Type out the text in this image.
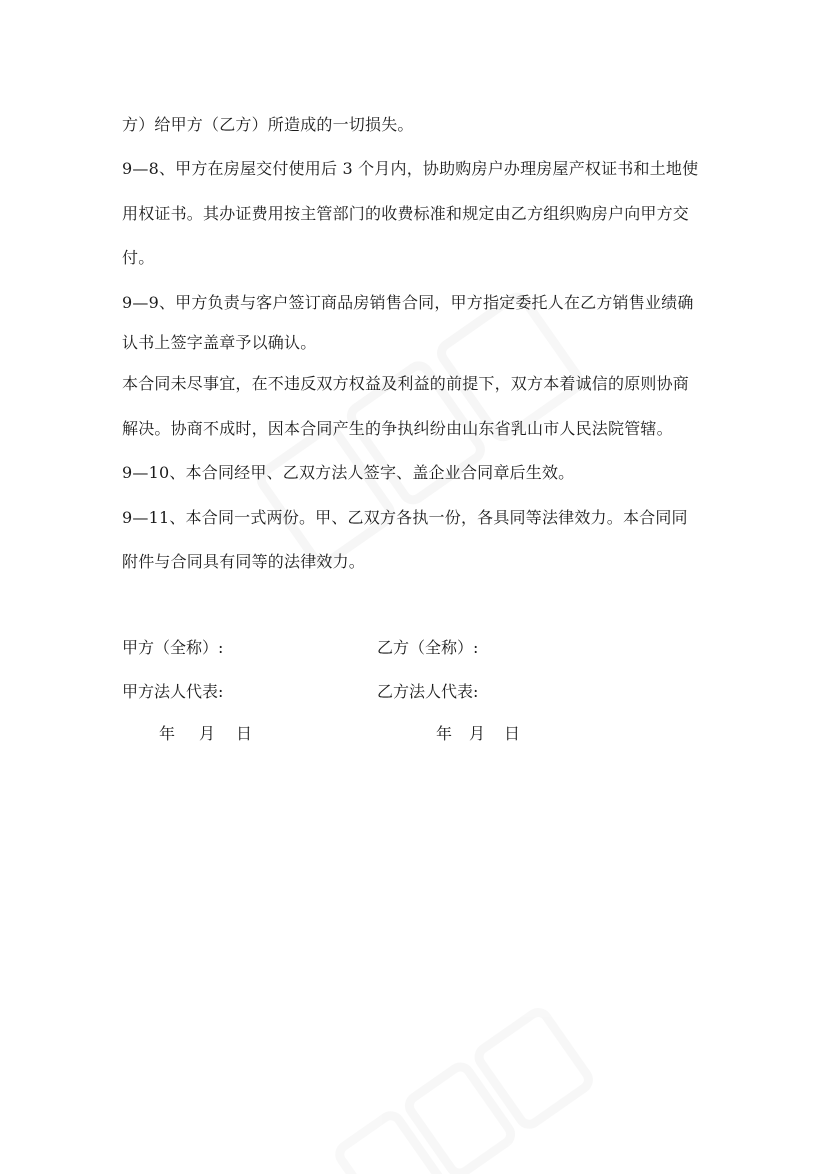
方）给甲方（乙方）所造成的一切损失。
9—8、甲方在房屋交付使用后 3 个月内，协助购房户办理房屋产权证书和土地使
用权证书。其办证费用按主管部门的收费标准和规定由乙方组织购房户向甲方交
付。
9—9、甲方负责与客户签订商品房销售合同，甲方指定委托人在乙方销售业绩确
认书上签字盖章予以确认。
本合同未尽事宜，在不违反双方权益及利益的前提下，双方本着诚信的原则协商
解决。协商不成时，因本合同产生的争执纠纷由山东省乳山市人民法院管辖。
9—10、本合同经甲、乙双方法人签字、盖企业合同章后生效。
9—11、本合同一式两份。甲、乙双方各执一份，各具同等法律效力。本合同同
附件与合同具有同等的法律效力。
甲方（全称）:	乙方（全称）:
甲方法人代表:	乙方法人代表:
年 月 日	年 月 日
